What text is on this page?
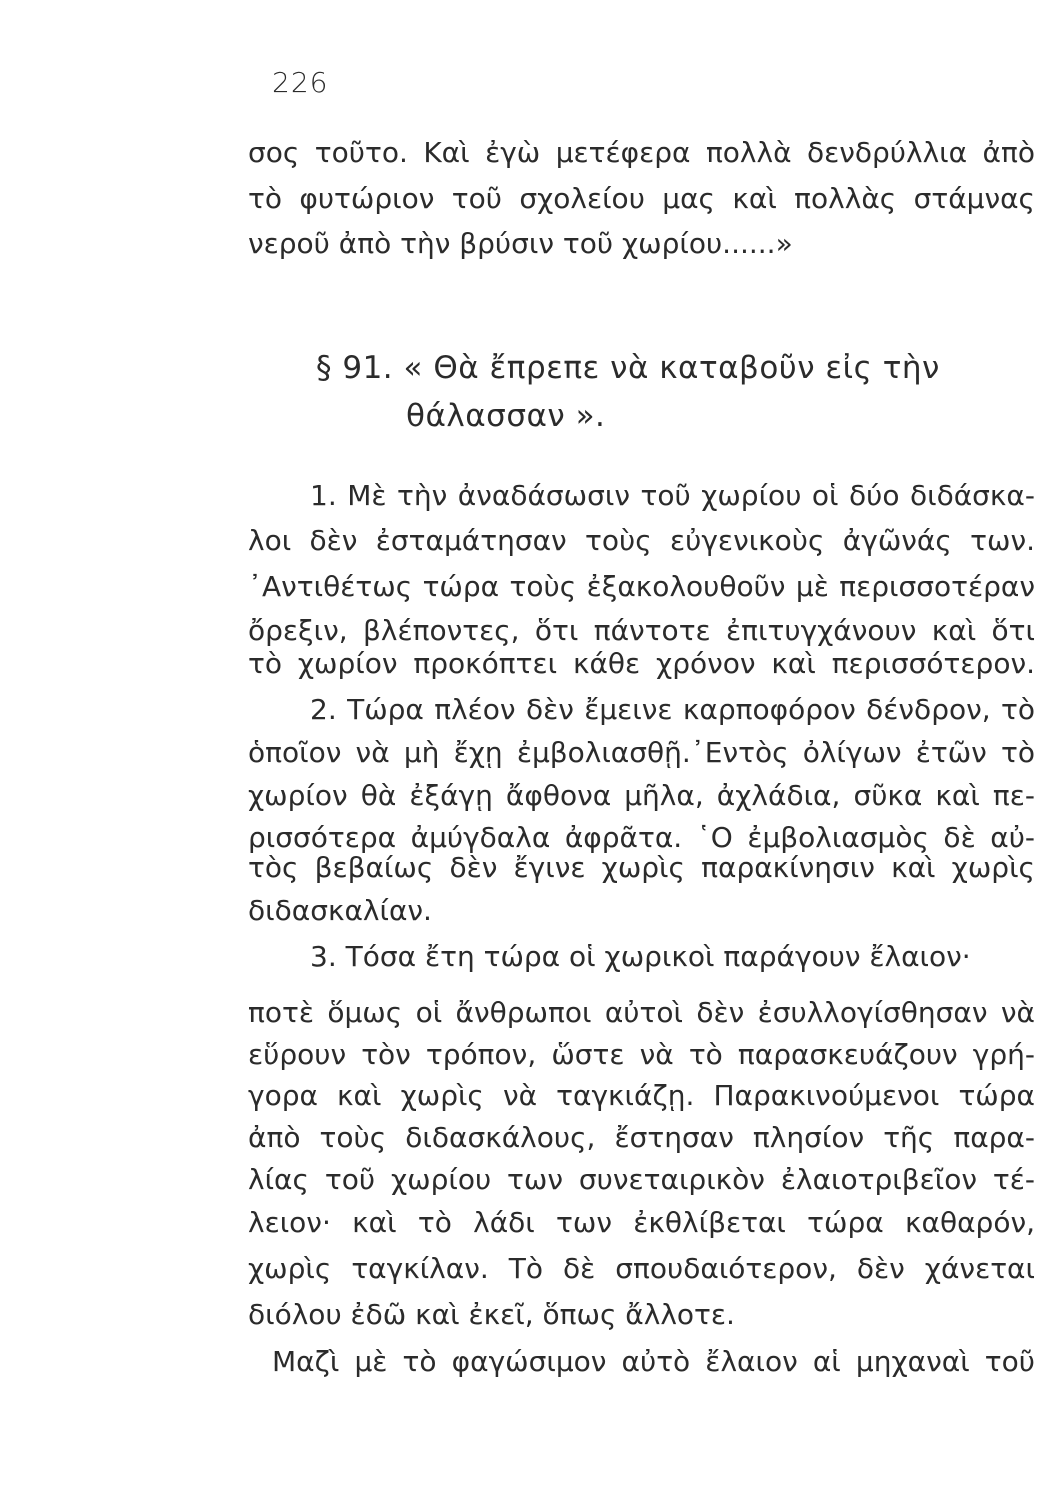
226
σος τοῦτο. Καὶ ἐγὼ μετέφερα πολλὰ δενδρύλλια ἀπὸ
τὸ φυτώριον τοῦ σχολείου μας καὶ πολλὰς στάμνας
νεροῦ ἀπὸ τὴν βρύσιν τοῦ χωρίου......»
§ 91. « Θὰ ἔπρεπε νὰ καταβοῦν εἰς τὴν
θάλασσαν ».
1. Μὲ τὴν ἀναδάσωσιν τοῦ χωρίου οἱ δύο διδάσκα-
λοι δὲν ἐσταμάτησαν τοὺς εὐγενικοὺς ἀγῶνάς των.
᾿Αντιθέτως τώρα τοὺς ἐξακολουθοῦν μὲ περισσοτέραν
ὄρεξιν, βλέποντες, ὅτι πάντοτε ἐπιτυγχάνουν καὶ ὅτι
τὸ χωρίον προκόπτει κάθε χρόνον καὶ περισσότερον.
2. Τώρα πλέον δὲν ἔμεινε καρποφόρον δένδρον, τὸ
ὁποῖον νὰ μὴ ἔχῃ ἐμβολιασθῇ.᾿Εντὸς ὀλίγων ἐτῶν τὸ
χωρίον θὰ ἐξάγῃ ἄφθονα μῆλα, ἀχλάδια, σῦκα καὶ πε-
ρισσότερα ἀμύγδαλα ἀφρᾶτα. ῾Ο ἐμβολιασμὸς δὲ αὐ-
τὸς βεβαίως δὲν ἔγινε χωρὶς παρακίνησιν καὶ χωρὶς
διδασκαλίαν.
3. Τόσα ἔτη τώρα οἱ χωρικοὶ παράγουν ἔλαιον·
ποτὲ ὅμως οἱ ἄνθρωποι αὐτοὶ δὲν ἐσυλλογίσθησαν νὰ
εὕρουν τὸν τρόπον, ὥστε νὰ τὸ παρασκευάζουν γρή-
γορα καὶ χωρὶς νὰ ταγκιάζῃ. Παρακινούμενοι τώρα
ἀπὸ τοὺς διδασκάλους, ἔστησαν πλησίον τῆς παρα-
λίας τοῦ χωρίου των συνεταιρικὸν ἐλαιοτριβεῖον τέ-
λειον· καὶ τὸ λάδι των ἐκθλίβεται τώρα καθαρόν,
χωρὶς ταγκίλαν. Τὸ δὲ σπουδαιότερον, δὲν χάνεται
διόλου ἐδῶ καὶ ἐκεῖ, ὅπως ἄλλοτε.
Μαζὶ μὲ τὸ φαγώσιμον αὐτὸ ἔλαιον αἱ μηχαναὶ τοῦ
